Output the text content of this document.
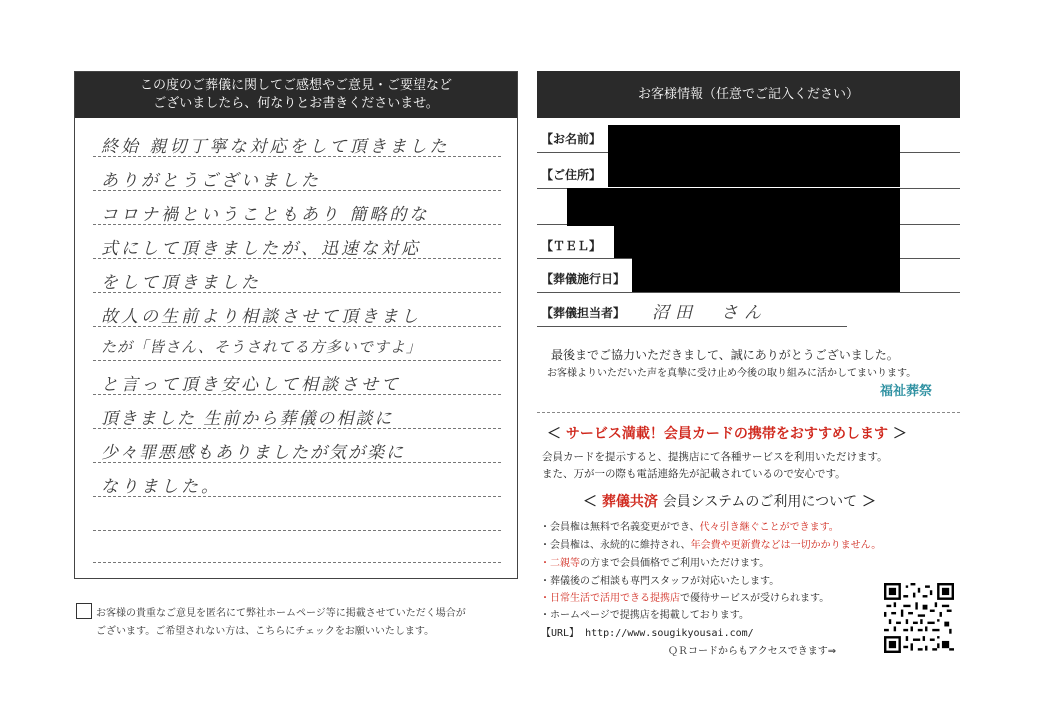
この度のご葬儀に関してご感想やご意見・ご要望など
ございましたら、何なりとお書きくださいませ。
終始 親切丁寧な対応をして頂きました
ありがとうございました
コロナ禍ということもあり 簡略的な
式にして頂きましたが、迅速な対応
をして頂きました
故人の生前より相談させて頂きまし
たが「皆さん、そうされてる方多いですよ」
と言って頂き安心して相談させて
頂きました 生前から葬儀の相談に
少々罪悪感もありましたが気が楽に
なりました。
お客様の貴重なご意見を匿名にて弊社ホームページ等に掲載させていただく場合が
ございます。ご希望されない方は、こちらにチェックをお願いいたします。
お客様情報（任意でご記入ください）
【お名前】
【ご住所】
【ＴＥＬ】
【葬儀施行日】
【葬儀担当者】 沼田　さん
最後までご協力いただきまして、誠にありがとうございました。
お客様よりいただいた声を真摯に受け止め今後の取り組みに活かしてまいります。
福祉葬祭
＜ サービス満載！会員カードの携帯をおすすめします ＞
会員カードを提示すると、提携店にて各種サービスを利用いただけます。
また、万が一の際も電話連絡先が記載されているので安心です。
＜ 葬儀共済 会員システムのご利用について ＞
・会員権は無料で名義変更ができ、代々引き継ぐことができます。
・会員権は、永続的に維持され、年会費や更新費などは一切かかりません。
・二親等の方まで会員価格でご利用いただけます。
・葬儀後のご相談も専門スタッフが対応いたします。
・日常生活で活用できる提携店で優待サービスが受けられます。
・ホームページで提携店を掲載しております。
【URL】 http://www.sougikyousai.com/
ＱＲコードからもアクセスできます⇒
